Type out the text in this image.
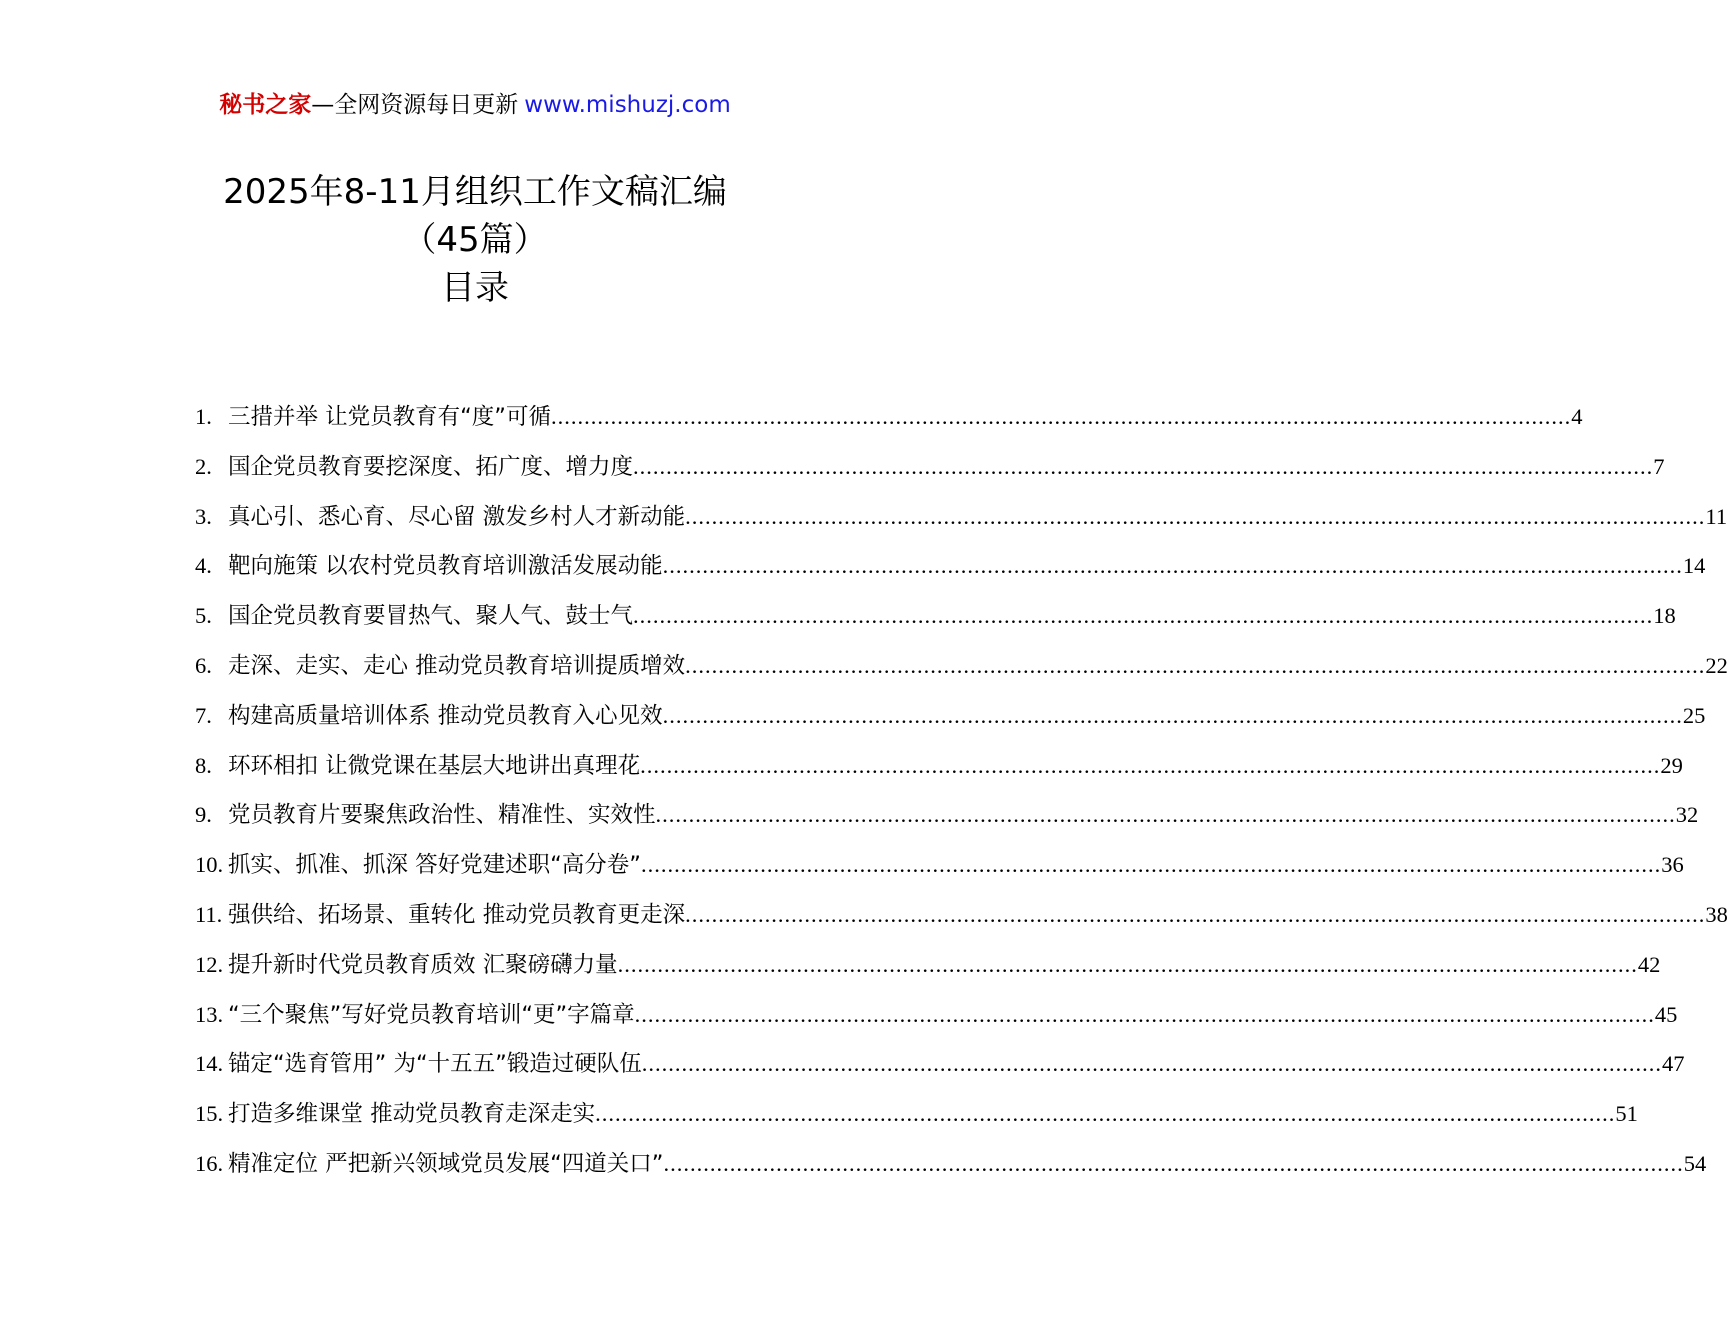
秘书之家—全网资源每日更新 www.mishuzj.com
2025年8-11月组织工作文稿汇编
（45篇）
目录
1. 三措并举 让党员教育有“度”可循 .....	4
2. 国企党员教育要挖深度、拓广度、增力度 .....	7
3. 真心引、悉心育、尽心留 激发乡村人才新动能 .....	11
4. 靶向施策 以农村党员教育培训激活发展动能 .....	14
5. 国企党员教育要冒热气、聚人气、鼓士气 .....	18
6. 走深、走实、走心 推动党员教育培训提质增效 .....	22
7. 构建高质量培训体系 推动党员教育入心见效 .....	25
8. 环环相扣 让微党课在基层大地讲出真理花 .....	29
9. 党员教育片要聚焦政治性、精准性、实效性 .....	32
10. 抓实、抓准、抓深 答好党建述职“高分卷” .....	36
11. 强供给、拓场景、重转化 推动党员教育更走深 .....	38
12. 提升新时代党员教育质效 汇聚磅礴力量 .....	42
13. “三个聚焦”写好党员教育培训“更”字篇章 .....	45
14. 锚定“选育管用” 为“十五五”锻造过硬队伍 .....	47
15. 打造多维课堂 推动党员教育走深走实 .....	51
16. 精准定位 严把新兴领域党员发展“四道关口” .....	54
